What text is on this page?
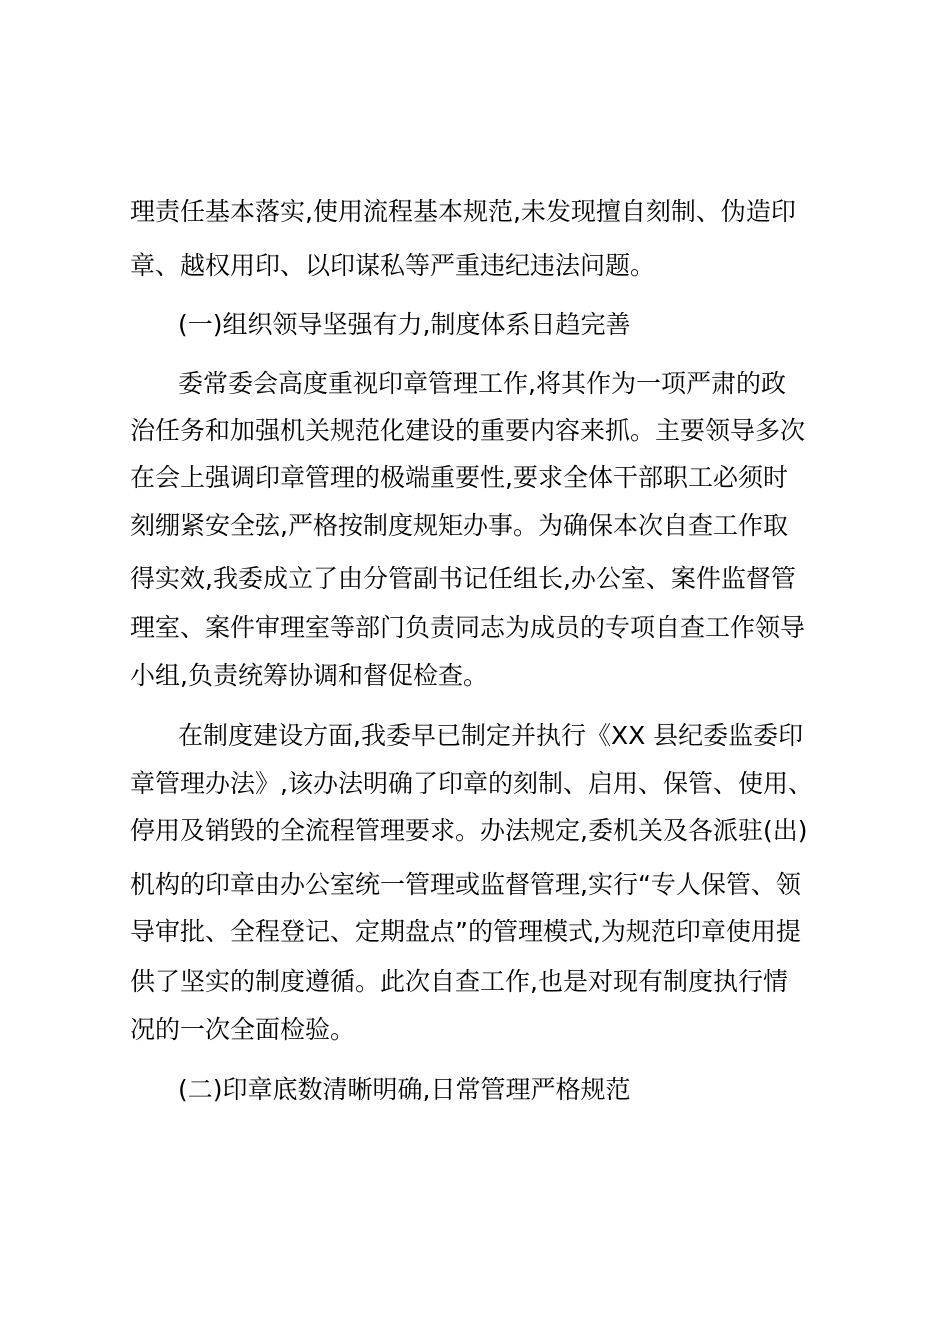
理责任基本落实,使用流程基本规范,未发现擅自刻制、伪造印
章、越权用印、以印谋私等严重违纪违法问题。
(一)组织领导坚强有力,制度体系日趋完善
委常委会高度重视印章管理工作,将其作为一项严肃的政
治任务和加强机关规范化建设的重要内容来抓。主要领导多次
在会上强调印章管理的极端重要性,要求全体干部职工必须时
刻绷紧安全弦,严格按制度规矩办事。为确保本次自查工作取
得实效,我委成立了由分管副书记任组长,办公室、案件监督管
理室、案件审理室等部门负责同志为成员的专项自查工作领导
小组,负责统筹协调和督促检查。
在制度建设方面,我委早已制定并执行《XX 县纪委监委印
章管理办法》,该办法明确了印章的刻制、启用、保管、使用、
停用及销毁的全流程管理要求。办法规定,委机关及各派驻(出)
机构的印章由办公室统一管理或监督管理,实行“专人保管、领
导审批、全程登记、定期盘点”的管理模式,为规范印章使用提
供了坚实的制度遵循。此次自查工作,也是对现有制度执行情
况的一次全面检验。
(二)印章底数清晰明确,日常管理严格规范
